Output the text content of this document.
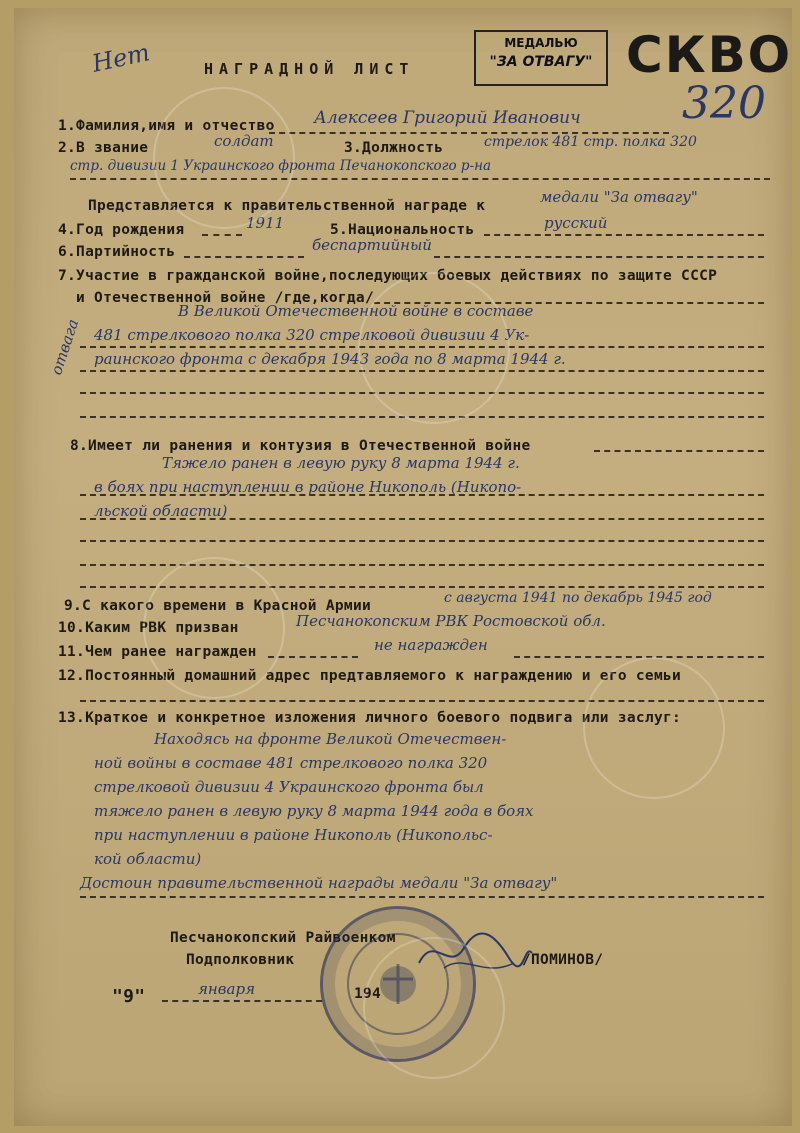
Нет	НАГРАДНОЙ ЛИСТ
МЕДАЛЬЮ
"ЗА ОТВАГУ" СКВО
320
1.Фамилия,имя и отчество Алексеев Григорий Иванович
2.В звание	солдат	3.Должность	стрелок 481 стр. полка 320
стр. дивизии 1 Украинского фронта Печанокопского р-на
Представляется к правительственной награде к	медали "За отвагу"
4.Год рождения	1911	5.Национальность	русский
6.Партийность	беспартийный
7.Участие в гражданской войне,последующих боевых действиях по защите СССР
и Отечественной войне /где,когда/
В Великой Отечественной войне в составе
481 стрелкового полка 320 стрелковой дивизии 4 Ук-
раинского фронта с декабря 1943 года по 8 марта 1944 г.
отвага
8.Имеет ли ранения и контузия в Отечественной войне
Тяжело ранен в левую руку 8 марта 1944 г.
в боях при наступлении в районе Никополь (Никопо-
льской области)
9.С какого времени в Красной Армии	с августа 1941 по декабрь 1945 год
10.Каким РВК призван	Песчанокопским РВК Ростовской обл.
11.Чем ранее награжден	не награжден
12.Постоянный домашний адрес предтавляемого к награждению и его семьи
13.Краткое и конкретное изложения личного боевого подвига или заслуг:
Находясь на фронте Великой Отечествен-
ной войны в составе 481 стрелкового полка 320
стрелковой дивизии 4 Украинского фронта был
тяжело ранен в левую руку 8 марта 1944 года в боях
при наступлении в районе Никополь (Никопольс-
кой области)
Достоин правительственной награды медали "За отвагу"
Песчанокопский Райвоенком
Подполковник	/ПОМИНОВ/
"9"	января	194
